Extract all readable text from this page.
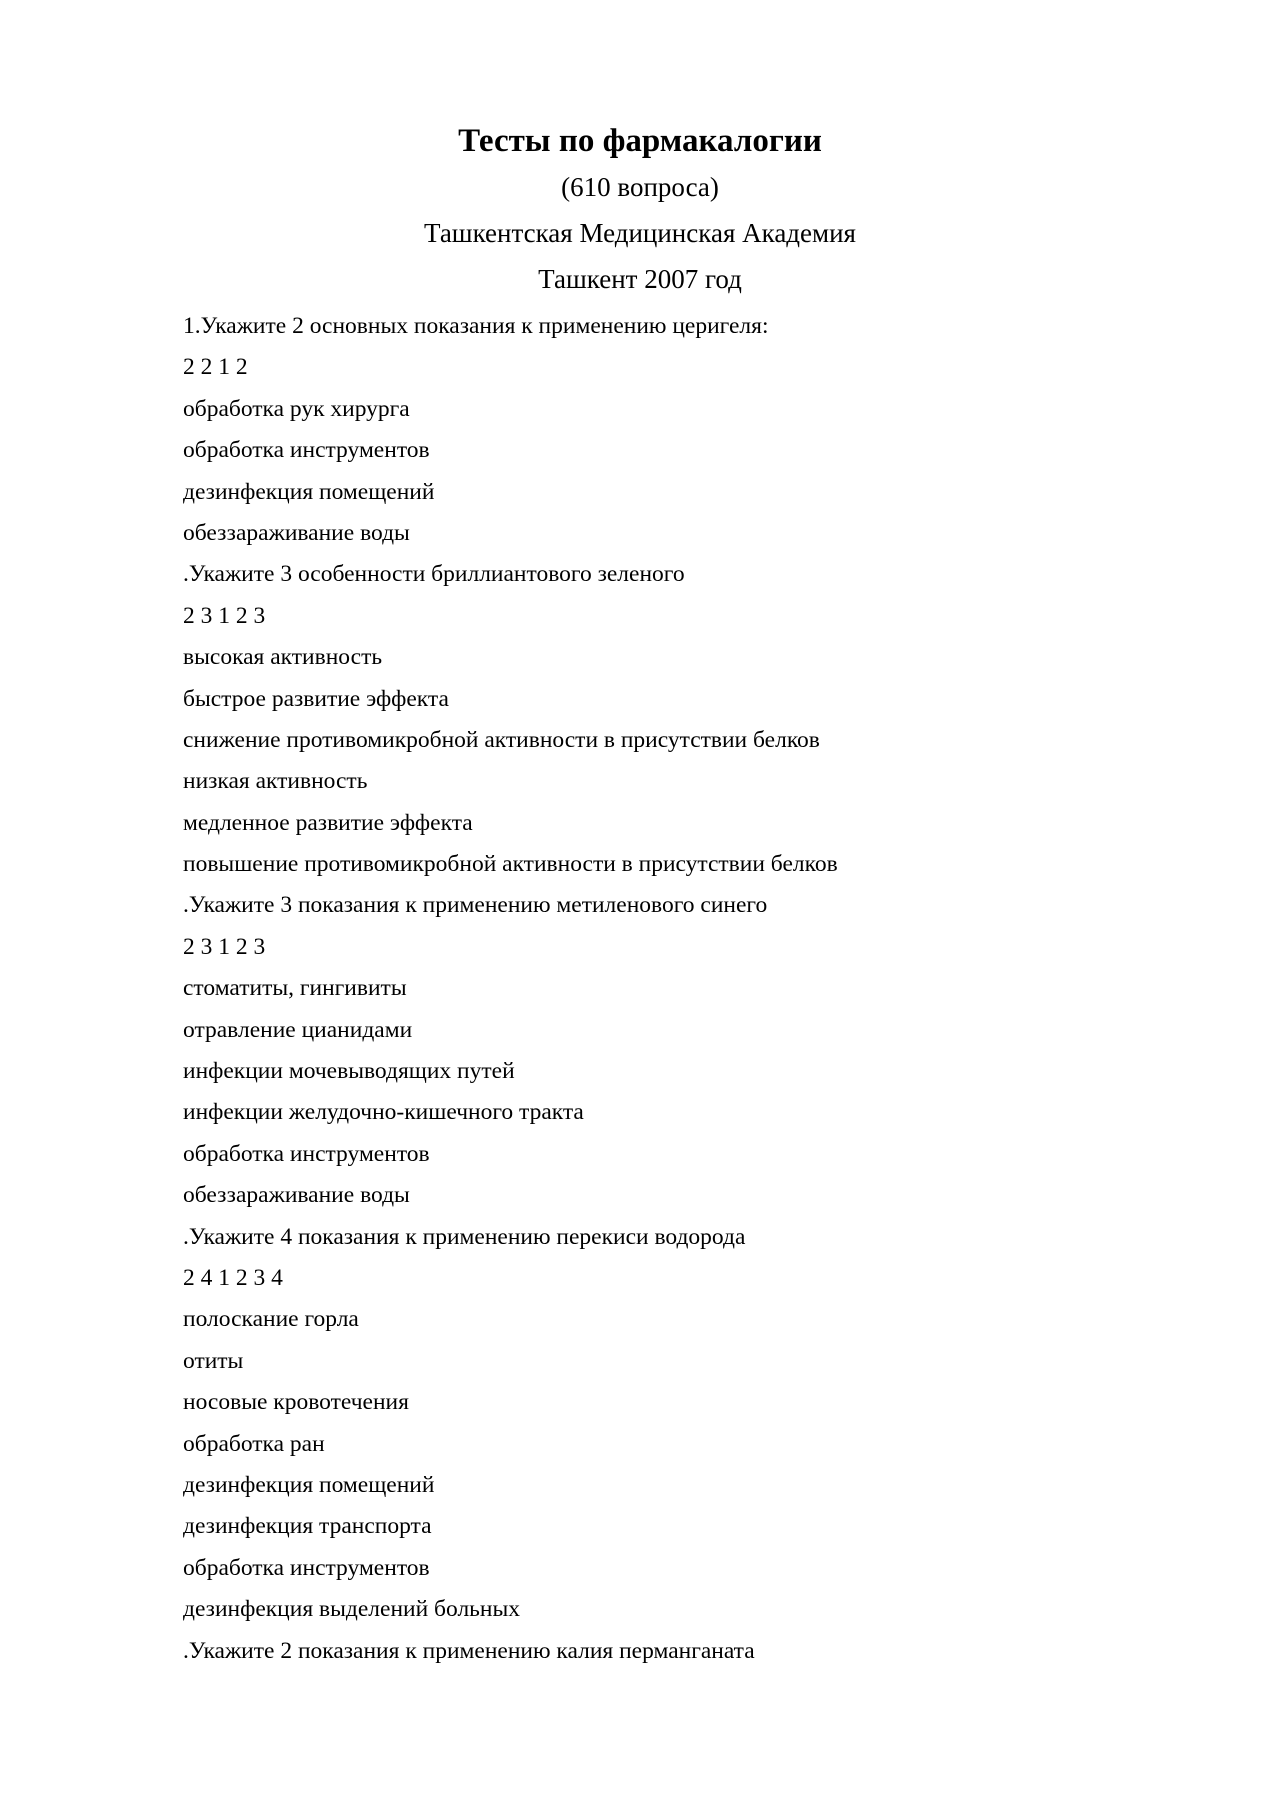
Тесты по фармакалогии
(610 вопроса)
Ташкентская Медицинская Академия
Ташкент 2007 год
1.Укажите 2 основных показания к применению церигеля:
2 2 1 2
обработка рук хирурга
обработка инструментов
дезинфекция помещений
обеззараживание воды
.Укажите 3 особенности бриллиантового зеленого
2 3 1 2 3
высокая активность
быстрое развитие эффекта
снижение противомикробной активности в присутствии белков
низкая активность
медленное развитие эффекта
повышение противомикробной активности в присутствии белков
.Укажите 3 показания к применению метиленового синего
2 3 1 2 3
стоматиты, гингивиты
отравление цианидами
инфекции мочевыводящих путей
инфекции желудочно-кишечного тракта
обработка инструментов
обеззараживание воды
.Укажите 4 показания к применению перекиси водорода
2 4 1 2 3 4
полоскание горла
отиты
носовые кровотечения
обработка ран
дезинфекция помещений
дезинфекция транспорта
обработка инструментов
дезинфекция выделений больных
.Укажите 2 показания к применению калия перманганата
